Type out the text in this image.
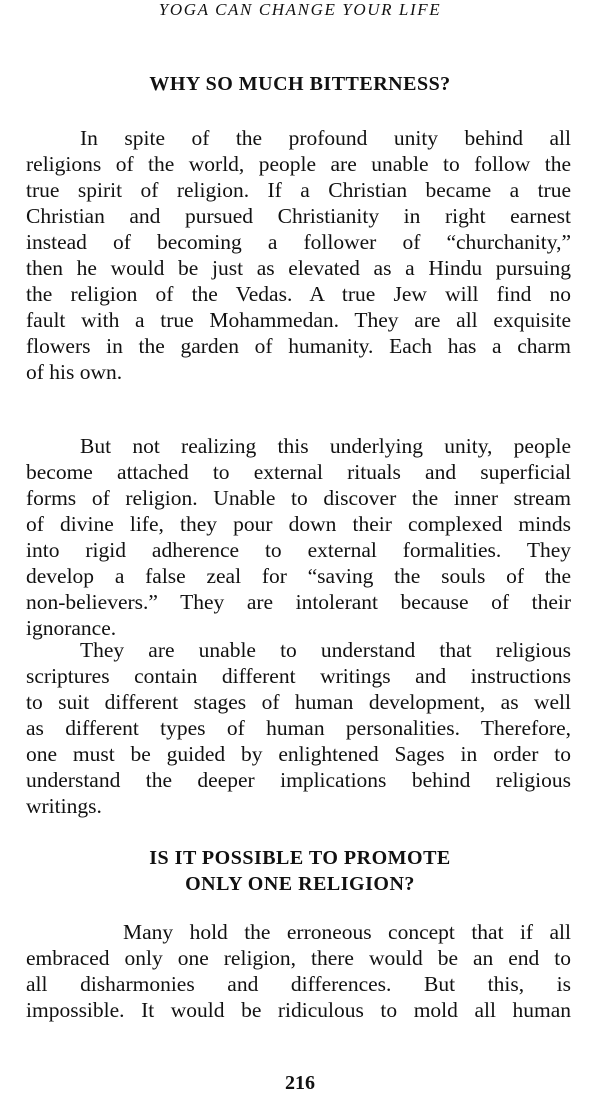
YOGA CAN CHANGE YOUR LIFE
WHY SO MUCH BITTERNESS?

In spite of the profound unity behind all
religions of the world, people are unable to follow the
true spirit of religion. If a Christian became a true
Christian and pursued Christianity in right earnest
instead of becoming a follower of “churchanity,”
then he would be just as elevated as a Hindu pursuing
the religion of the Vedas. A true Jew will find no
fault with a true Mohammedan. They are all exquisite
flowers in the garden of humanity. Each has a charm
of his own.

But not realizing this underlying unity, people
become attached to external rituals and superficial
forms of religion. Unable to discover the inner stream
of divine life, they pour down their complexed minds
into rigid adherence to external formalities. They
develop a false zeal for “saving the souls of the
non-believers.” They are intolerant because of their
ignorance.

They are unable to understand that religious
scriptures contain different writings and instructions
to suit different stages of human development, as well
as different types of human personalities. Therefore,
one must be guided by enlightened Sages in order to
understand the deeper implications behind religious
writings.

IS IT POSSIBLE TO PROMOTE
ONLY ONE RELIGION?

Many hold the erroneous concept that if all
embraced only one religion, there would be an end to
all disharmonies and differences. But this, is
impossible. It would be ridiculous to mold all human

216
